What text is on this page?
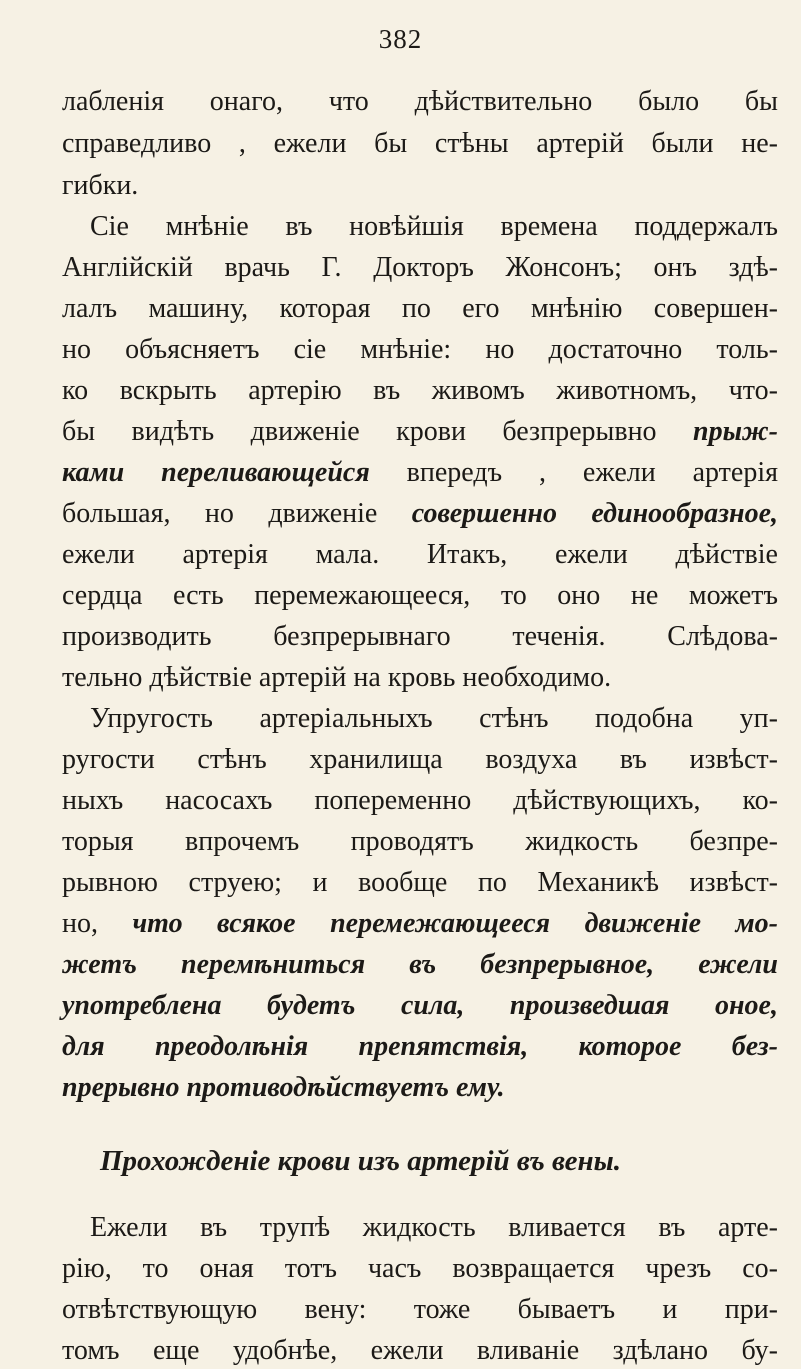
382
лабленія онаго, что дѣйствительно было бы
справедливо , ежели бы стѣны артерій были не-
гибки.
Сіе мнѣніе въ новѣйшія времена поддержалъ
Англійскій врачь Г. Докторъ Жонсонъ; онъ здѣ-
лалъ машину, которая по его мнѣнію совершен-
но объясняетъ сіе мнѣніе: но достаточно толь-
ко вскрыть артерію въ живомъ животномъ, что-
бы видѣть движеніе крови безпрерывно прыж-
ками переливающейся впередъ , ежели артерія
большая, но движеніе совершенно единообразное,
ежели артерія мала. Итакъ, ежели дѣйствіе
сердца есть перемежающееся, то оно не можетъ
производить безпрерывнаго теченія. Слѣдова-
тельно дѣйствіе артерій на кровь необходимо.
Упругость артеріальныхъ стѣнъ подобна уп-
ругости стѣнъ хранилища воздуха въ извѣст-
ныхъ насосахъ попеременно дѣйствующихъ, ко-
торыя впрочемъ проводятъ жидкость безпре-
рывною струею; и вообще по Механикѣ извѣст-
но, что всякое перемежающееся движеніе мо-
жетъ перемѣниться въ безпрерывное, ежели
употреблена будетъ сила, произведшая оное,
для преодолѣнія препятствія, которое без-
прерывно противодѣйствуетъ ему.
Прохожденіе крови изъ артерій въ вены.
Ежели въ трупѣ жидкость вливается въ арте-
рію, то оная тотъ часъ возвращается чрезъ со-
отвѣтствующую вену: тоже бываетъ и при-
томъ еще удобнѣе, ежели вливаніе здѣлано бу-
